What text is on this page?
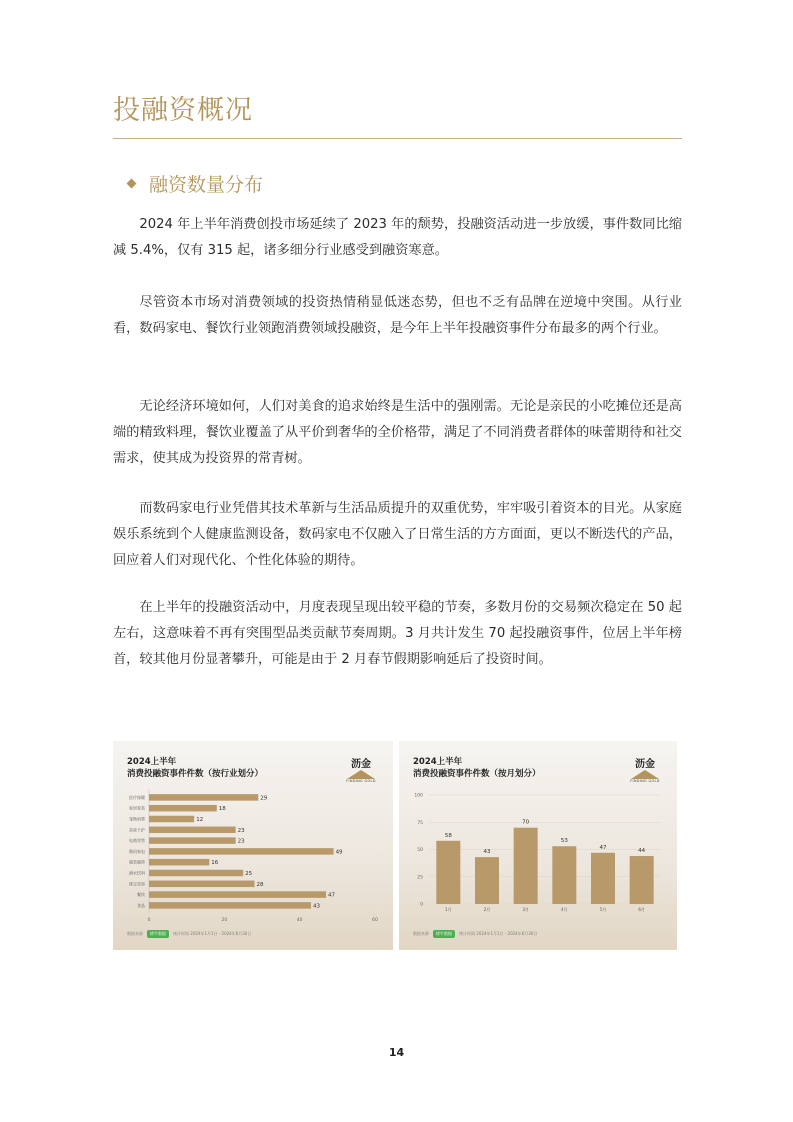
投融资概况
融资数量分布

2024 年上半年消费创投市场延续了 2023 年的颓势，投融资活动进一步放缓，事件数同比缩减 5.4%，仅有 315 起，诸多细分行业感受到融资寒意。

尽管资本市场对消费领域的投资热情稍显低迷态势，但也不乏有品牌在逆境中突围。从行业看，数码家电、餐饮行业领跑消费领域投融资，是今年上半年投融资事件分布最多的两个行业。

无论经济环境如何，人们对美食的追求始终是生活中的强刚需。无论是亲民的小吃摊位还是高端的精致料理，餐饮业覆盖了从平价到奢华的全价格带，满足了不同消费者群体的味蕾期待和社交需求，使其成为投资界的常青树。

而数码家电行业凭借其技术革新与生活品质提升的双重优势，牢牢吸引着资本的目光。从家庭娱乐系统到个人健康监测设备，数码家电不仅融入了日常生活的方方面面，更以不断迭代的产品，回应着人们对现代化、个性化体验的期待。

在上半年的投融资活动中，月度表现呈现出较平稳的节奏，多数月份的交易频次稳定在 50 起左右，这意味着不再有突围型品类贡献节奏周期。3 月共计发生 70 起投融资事件，位居上半年榜首，较其他月份显著攀升，可能是由于 2 月春节假期影响延后了投资时间。

2024上半年
消费投融资事件件数（按行业划分）
沥金
FINDING GOLD
医疗保健	29
家居家装	18
宠物消费	12
美妆个护	23
电商零售	23
数码家电	49
服装服饰	16
酒水饮料	25
珠宝首饰	28
餐饮	47
食品	43
0	20	40	60
数据来源	烯牛数据	统计时间 2024年1月1日 - 2024年6月30日
2024上半年
消费投融资事件件数（按月划分）
沥金
FINDING GOLD
0
25
50
75
100
58
1月
43
2月
70
3月
53
4月
47
5月
44
6月
数据来源	烯牛数据	统计时间 2024年1月1日 - 2024年6月30日
14
